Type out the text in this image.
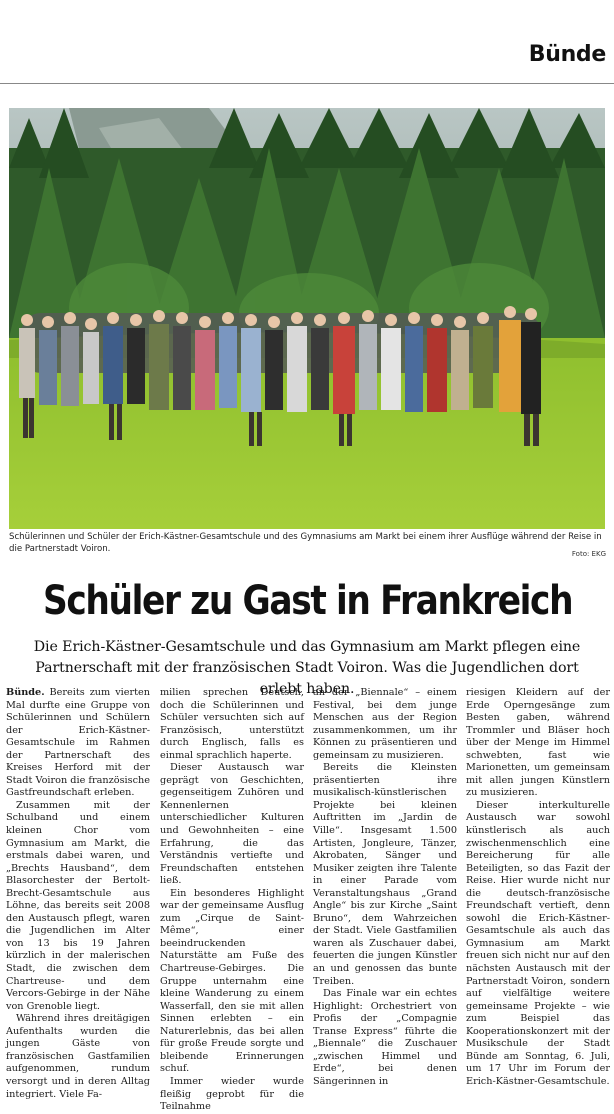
Bünde
Schülerinnen und Schüler der Erich-Kästner-Gesamtschule und des Gymnasiums am Markt bei einem ihrer Ausflüge während der Reise in die Partnerstadt Voiron.	Foto: EKG
Schüler zu Gast in Frankreich
Die Erich-Kästner-Gesamtschule und das Gymnasium am Markt pflegen eine Partnerschaft mit der französischen Stadt Voiron. Was die Jugendlichen dort erlebt haben.

Bünde. Bereits zum vierten Mal durfte eine Gruppe von Schülerinnen und Schülern der Erich-Kästner-Gesamtschule im Rahmen der Partnerschaft des Kreises Herford mit der Stadt Voiron die französische Gastfreundschaft erleben.

Zusammen mit der Schulband und einem kleinen Chor vom Gymnasium am Markt, die erstmals dabei waren, und „Brechts Hausband“, dem Blasorchester der Bertolt-Brecht-Gesamtschule aus Löhne, das bereits seit 2008 den Austausch pflegt, waren die Jugendlichen im Alter von 13 bis 19 Jahren kürzlich in der malerischen Stadt, die zwischen dem Chartreuse- und dem Vercors-Gebirge in der Nähe von Grenoble liegt.

Während ihres dreitägigen Aufenthalts wurden die jungen Gäste von französischen Gastfamilien aufgenommen, rundum versorgt und in deren Alltag integriert. Viele Fa-

milien sprechen Deutsch, doch die Schülerinnen und Schüler versuchten sich auf Französisch, unterstützt durch Englisch, falls es einmal sprachlich haperte.

Dieser Austausch war geprägt von Geschichten, gegenseitigem Zuhören und Kennenlernen unterschiedlicher Kulturen und Gewohnheiten – eine Erfahrung, die das Verständnis vertiefte und Freundschaften entstehen ließ.

Ein besonderes Highlight war der gemeinsame Ausflug zum „Cirque de Saint-Même“, einer beeindruckenden Naturstätte am Fuße des Chartreuse-Gebirges. Die Gruppe unternahm eine kleine Wanderung zu einem Wasserfall, den sie mit allen Sinnen erlebten – ein Naturerlebnis, das bei allen für große Freude sorgte und bleibende Erinnerungen schuf.

Immer wieder wurde fleißig geprobt für die Teilnahme

an der „Biennale“ – einem Festival, bei dem junge Menschen aus der Region zusammenkommen, um ihr Können zu präsentieren und gemeinsam zu musizieren.

Bereits die Kleinsten präsentierten ihre musikalisch-künstlerischen Projekte bei kleinen Auftritten im „Jardin de Ville“. Insgesamt 1.500 Artisten, Jongleure, Tänzer, Akrobaten, Sänger und Musiker zeigten ihre Talente in einer Parade vom Veranstaltungshaus „Grand Angle“ bis zur Kirche „Saint Bruno“, dem Wahrzeichen der Stadt. Viele Gastfamilien waren als Zuschauer dabei, feuerten die jungen Künstler an und genossen das bunte Treiben.

Das Finale war ein echtes Highlight: Orchestriert von Profis der „Compagnie Transe Express“ führte die „Biennale“ die Zuschauer „zwischen Himmel und Erde“, bei denen Sängerinnen in

riesigen Kleidern auf der Erde Operngesänge zum Besten gaben, während Trommler und Bläser hoch über der Menge im Himmel schwebten, fast wie Marionetten, um gemeinsam mit allen jungen Künstlern zu musizieren.

Dieser interkulturelle Austausch war sowohl künstlerisch als auch zwischenmenschlich eine Bereicherung für alle Beteiligten, so das Fazit der Reise. Hier wurde nicht nur die deutsch-französische Freundschaft vertieft, denn sowohl die Erich-Kästner-Gesamtschule als auch das Gymnasium am Markt freuen sich nicht nur auf den nächsten Austausch mit der Partnerstadt Voiron, sondern auf vielfältige weitere gemeinsame Projekte – wie zum Beispiel das Kooperationskonzert mit der Musikschule der Stadt Bünde am Sonntag, 6. Juli, um 17 Uhr im Forum der Erich-Kästner-Gesamtschule.
